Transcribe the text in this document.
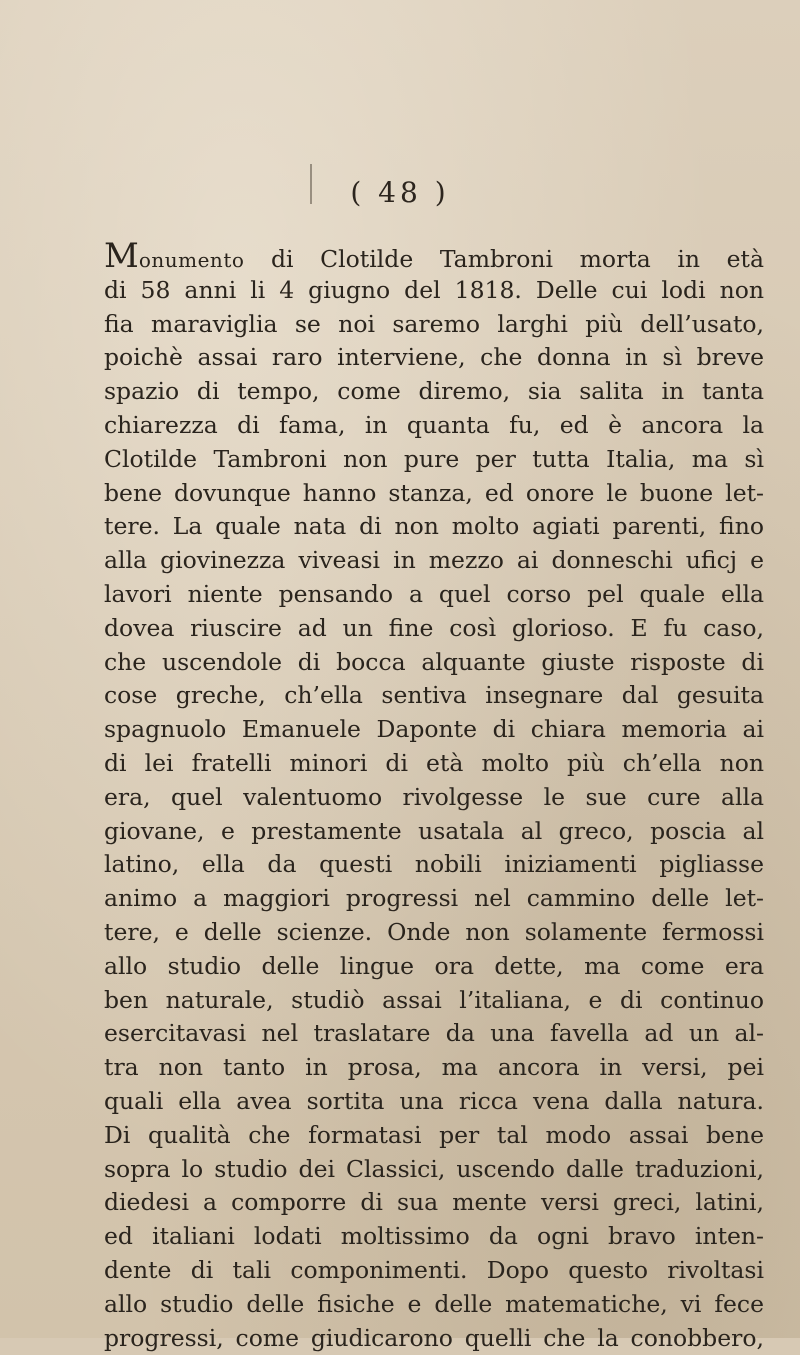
( 48 )
Monumento di Clotilde Tambroni morta in età
di 58 anni li 4 giugno del 1818. Delle cui lodi non
fia maraviglia se noi saremo larghi più dell’usato,
poichè assai raro interviene, che donna in sì breve
spazio di tempo, come diremo, sia salita in tanta
chiarezza di fama, in quanta fu, ed è ancora la
Clotilde Tambroni non pure per tutta Italia, ma sì
bene dovunque hanno stanza, ed onore le buone let-
tere. La quale nata di non molto agiati parenti, fino
alla giovinezza viveasi in mezzo ai donneschi uficj e
lavori niente pensando a quel corso pel quale ella
dovea riuscire ad un fine così glorioso. E fu caso,
che uscendole di bocca alquante giuste risposte di
cose greche, ch’ella sentiva insegnare dal gesuita
spagnuolo Emanuele Daponte di chiara memoria ai
di lei fratelli minori di età molto più ch’ella non
era, quel valentuomo rivolgesse le sue cure alla
giovane, e prestamente usatala al greco, poscia al
latino, ella da questi nobili iniziamenti pigliasse
animo a maggiori progressi nel cammino delle let-
tere, e delle scienze. Onde non solamente fermossi
allo studio delle lingue ora dette, ma come era
ben naturale, studiò assai l’italiana, e di continuo
esercitavasi nel traslatare da una favella ad un al-
tra non tanto in prosa, ma ancora in versi, pei
quali ella avea sortita una ricca vena dalla natura.
Di qualità che formatasi per tal modo assai bene
sopra lo studio dei Classici, uscendo dalle traduzioni,
diedesi a comporre di sua mente versi greci, latini,
ed italiani lodati moltissimo da ogni bravo inten-
dente di tali componimenti. Dopo questo rivoltasi
allo studio delle fisiche e delle matematiche, vi fece
progressi, come giudicarono quelli che la conobbero,
